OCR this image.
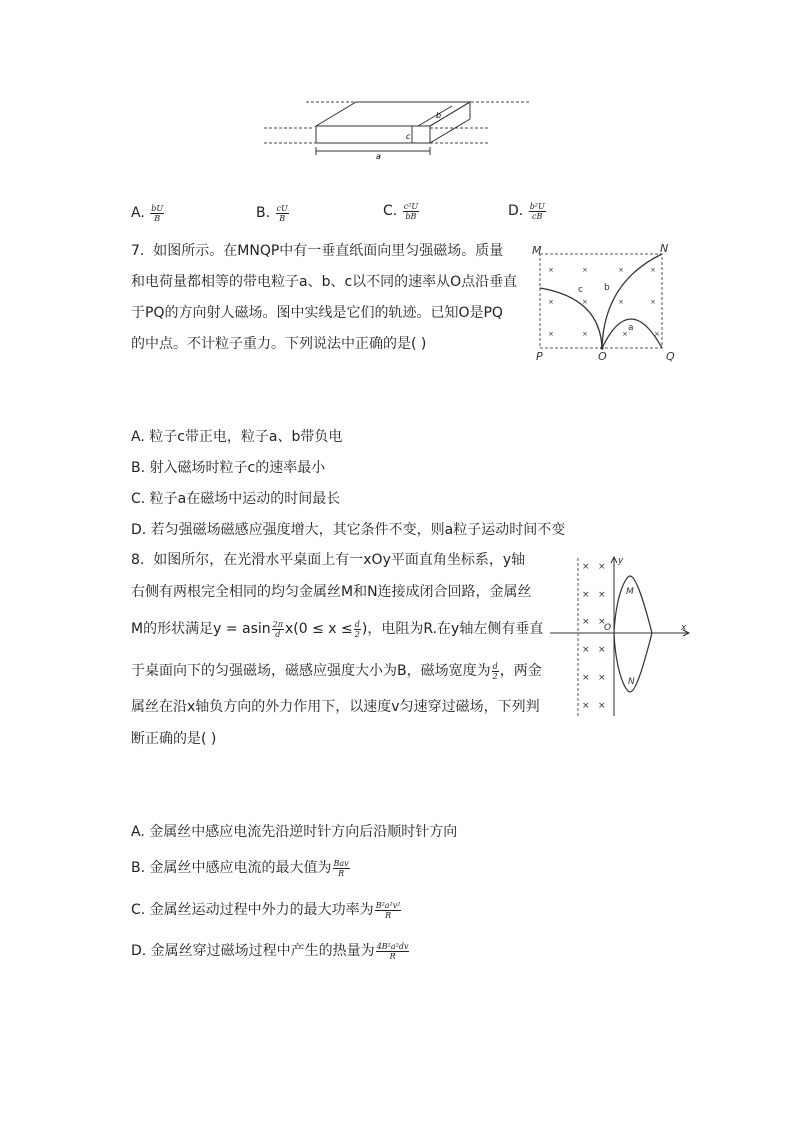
a
b
c
A. $\frac{bU}{B}$	B. $\frac{cU}{B}$	C. $\frac{\text{c²U}}{bB}$	D. $\frac{\text{b²U}}{cB}$
7. 如图所示。在MNQP中有一垂直纸面向里匀强磁场。质量
和电荷量都相等的带电粒子a、b、c以不同的速率从O点沿垂直
于PQ的方向射人磁场。图中实线是它们的轨迹。已知O是PQ
的中点。不计粒子重力。下列说法中正确的是( )
×	×	×	×
×	×	×	×
×	×	×	×
M	N
P	O	Q
c b
a
A. 粒子c带正电，粒子a、b带负电
B. 射入磁场时粒子c的速率最小
C. 粒子a在磁场中运动的时间最长
D. 若匀强磁场磁感应强度增大，其它条件不变，则a粒子运动时间不变
8. 如图所尔，在光滑水平桌面上有一xOy平面直角坐标系，y轴
右侧有两根完全相同的均匀金属丝M和N连接成闭合回路，金属丝
M的形状满足y = asin $\frac{2\pi}{d} x(0 \le x \le \frac{d}{2}$ )，电阻为R.在y轴左侧有垂直
于桌面向下的匀强磁场，磁感应强度大小为B，磁场宽度为 $\frac{d}{2}$ ，两金
属丝在沿x轴负方向的外力作用下，以速度v匀速穿过磁场，下列判
断正确的是( )
× ×
× ×
× ×
× ×
× ×
× ×
y
x
O
M
N
A. 金属丝中感应电流先沿逆时针方向后沿顺时针方向
B. 金属丝中感应电流的最大值为 $\frac{\text{Bav}}{R}$
C. 金属丝运动过程中外力的最大功率为 $\frac{\text{B²a²v²}}{R}$
D. 金属丝穿过磁场过程中产生的热量为 $\frac{\text{4B²a²dv}}{R}$
